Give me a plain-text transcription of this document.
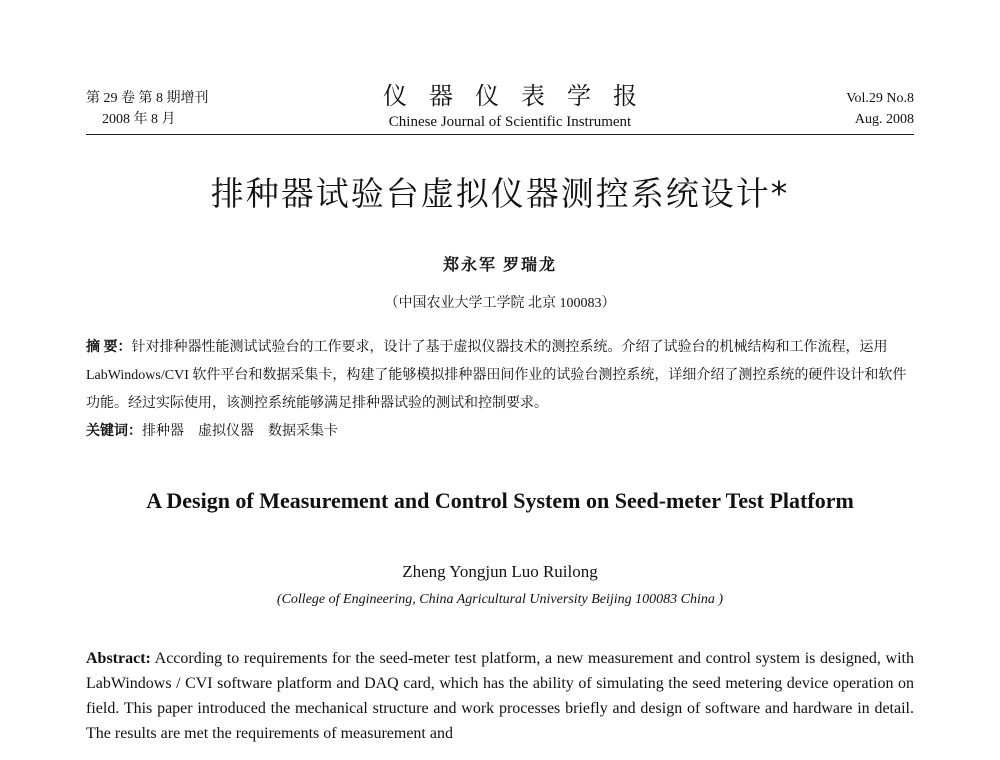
第 29 卷 第 8 期增刊
2008 年 8 月
仪器仪表学报
Chinese Journal of Scientific Instrument
Vol.29 No.8
Aug. 2008
排种器试验台虚拟仪器测控系统设计*
郑永军 罗瑞龙
（中国农业大学工学院 北京 100083）
摘 要：针对排种器性能测试试验台的工作要求，设计了基于虚拟仪器技术的测控系统。介绍了试验台的机械结构和工作流程，运用 LabWindows/CVI 软件平台和数据采集卡，构建了能够模拟排种器田间作业的试验台测控系统，详细介绍了测控系统的硬件设计和软件功能。经过实际使用，该测控系统能够满足排种器试验的测试和控制要求。
关键词：排种器 虚拟仪器 数据采集卡
A Design of Measurement and Control System on Seed-meter Test Platform
Zheng Yongjun Luo Ruilong
(College of Engineering, China Agricultural University Beijing 100083 China )
Abstract: According to requirements for the seed-meter test platform, a new measurement and control system is designed, with LabWindows / CVI software platform and DAQ card, which has the ability of simulating the seed metering device operation on field. This paper introduced the mechanical structure and work processes briefly and design of software and hardware in detail. The results are met the requirements of measurement and
